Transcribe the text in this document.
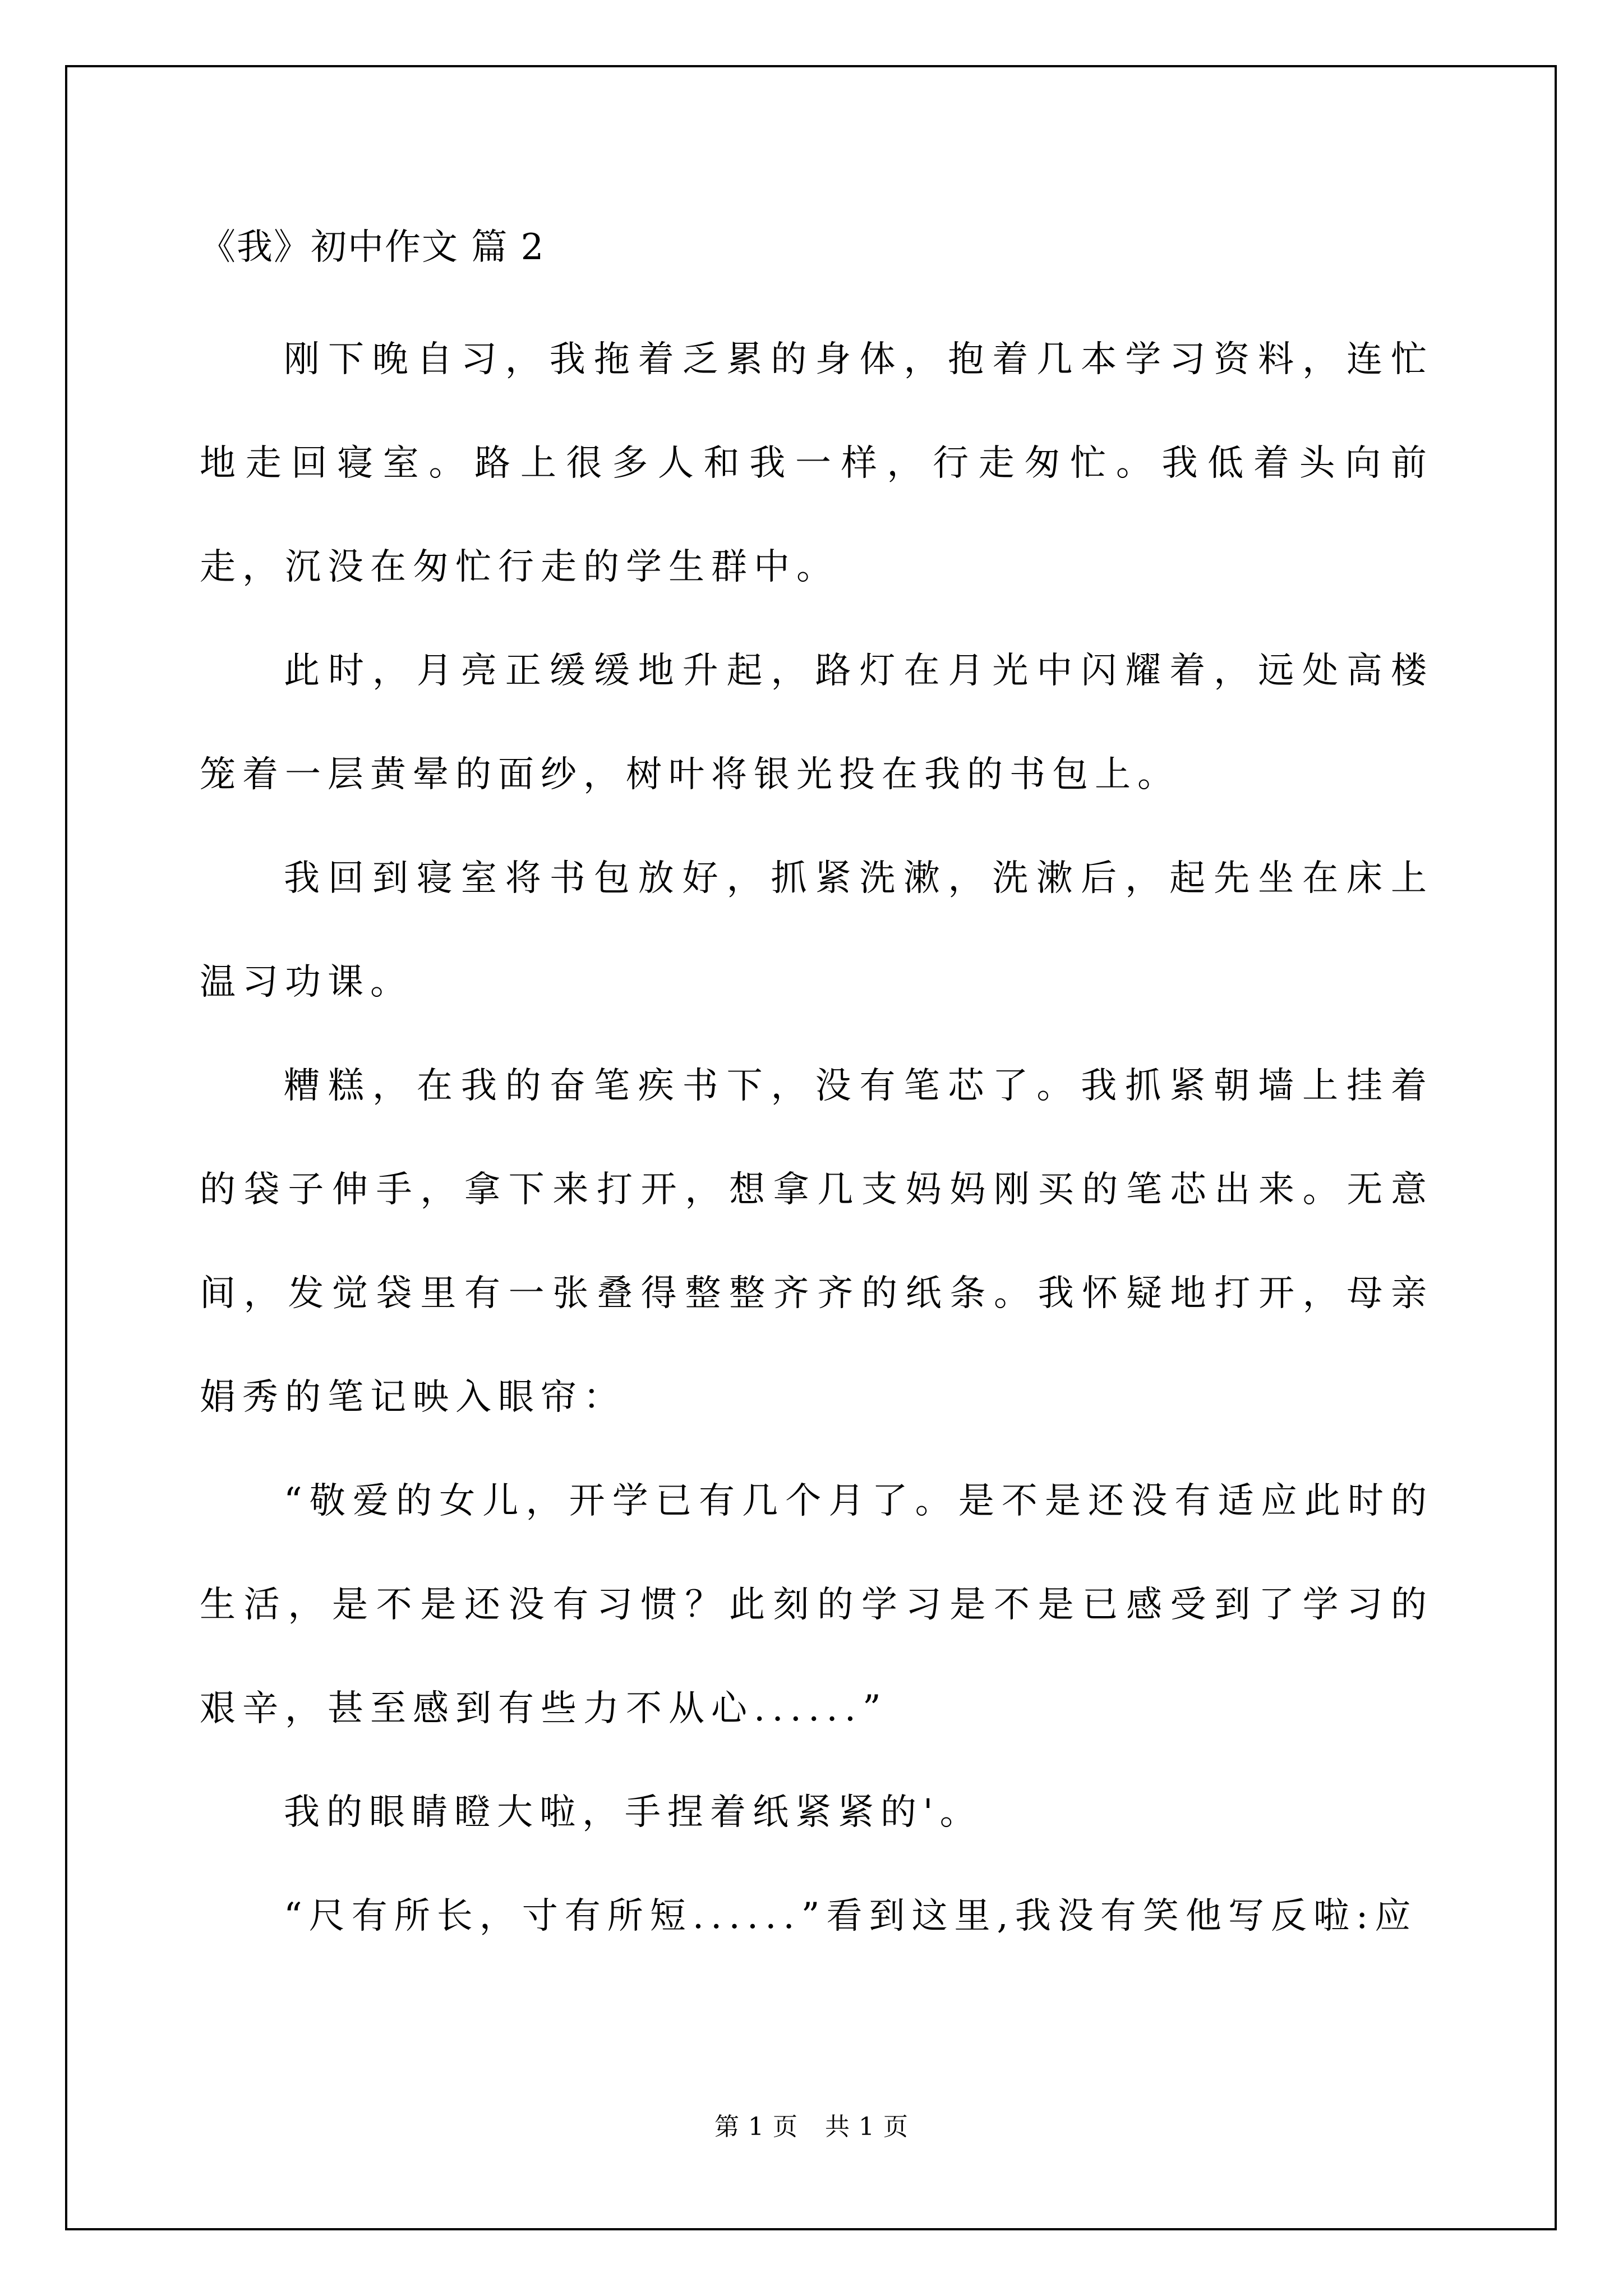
《我》初中作文 篇 2

刚下晚自习，我拖着乏累的身体，抱着几本学习资料，连忙地走回寝室。路上很多人和我一样，行走匆忙。我低着头向前走，沉没在匆忙行走的学生群中。

此时，月亮正缓缓地升起，路灯在月光中闪耀着，远处高楼笼着一层黄晕的面纱，树叶将银光投在我的书包上。

我回到寝室将书包放好，抓紧洗漱，洗漱后，起先坐在床上温习功课。

糟糕，在我的奋笔疾书下，没有笔芯了。我抓紧朝墙上挂着的袋子伸手，拿下来打开，想拿几支妈妈刚买的笔芯出来。无意间，发觉袋里有一张叠得整整齐齐的纸条。我怀疑地打开，母亲娟秀的笔记映入眼帘：

“敬爱的女儿，开学已有几个月了。是不是还没有适应此时的生活，是不是还没有习惯？此刻的学习是不是已感受到了学习的艰辛，甚至感到有些力不从心......”

我的眼睛瞪大啦，手捏着纸紧紧的'。

“尺有所长，寸有所短......”看到这里,我没有笑他写反啦:应

第 1 页 共 1 页
